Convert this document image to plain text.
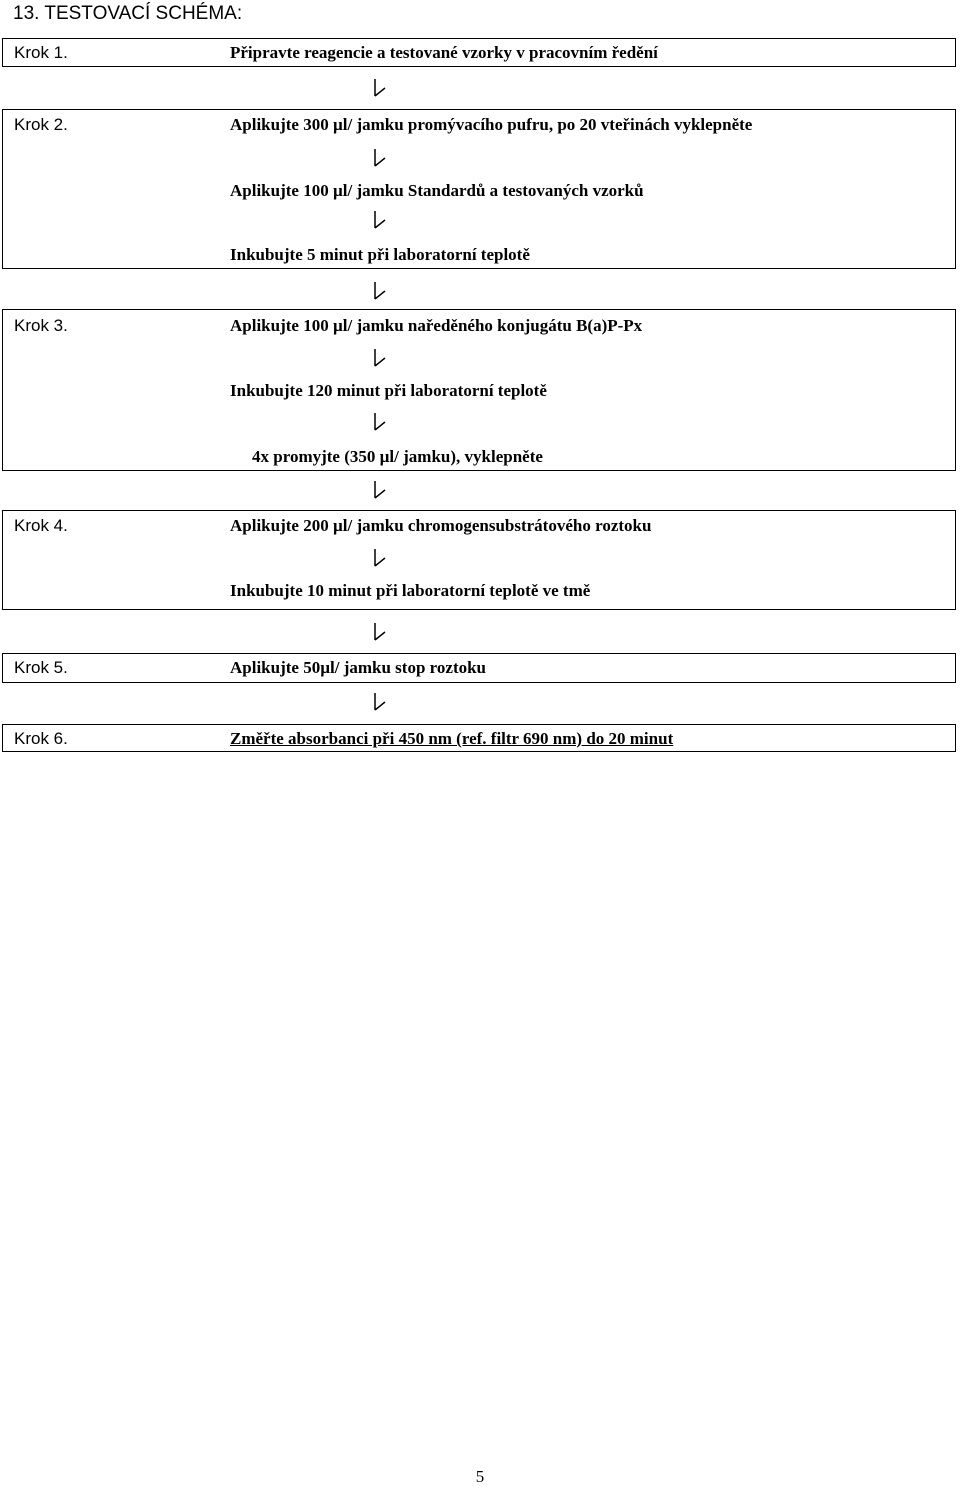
13. TESTOVACÍ SCHÉMA:
Krok 1.
Krok 2.
Krok 3.
Krok 4.
Krok 5.
Krok 6.
Připravte reagencie a testované vzorky v pracovním ředění
Aplikujte 300 µl/ jamku promývacího pufru, po 20 vteřinách vyklepněte
Aplikujte 100 µl/ jamku Standardů a testovaných vzorků
Inkubujte 5 minut při laboratorní teplotě
Aplikujte 100 µl/ jamku naředěného konjugátu B(a)P-Px
Inkubujte 120 minut při laboratorní teplotě
4x promyjte (350 µl/ jamku), vyklepněte
Aplikujte 200 µl/ jamku chromogensubstrátového roztoku
Inkubujte 10 minut při laboratorní teplotě ve tmě
Aplikujte 50µl/ jamku stop roztoku
Změřte absorbanci při 450 nm (ref. filtr 690 nm) do 20 minut
5
